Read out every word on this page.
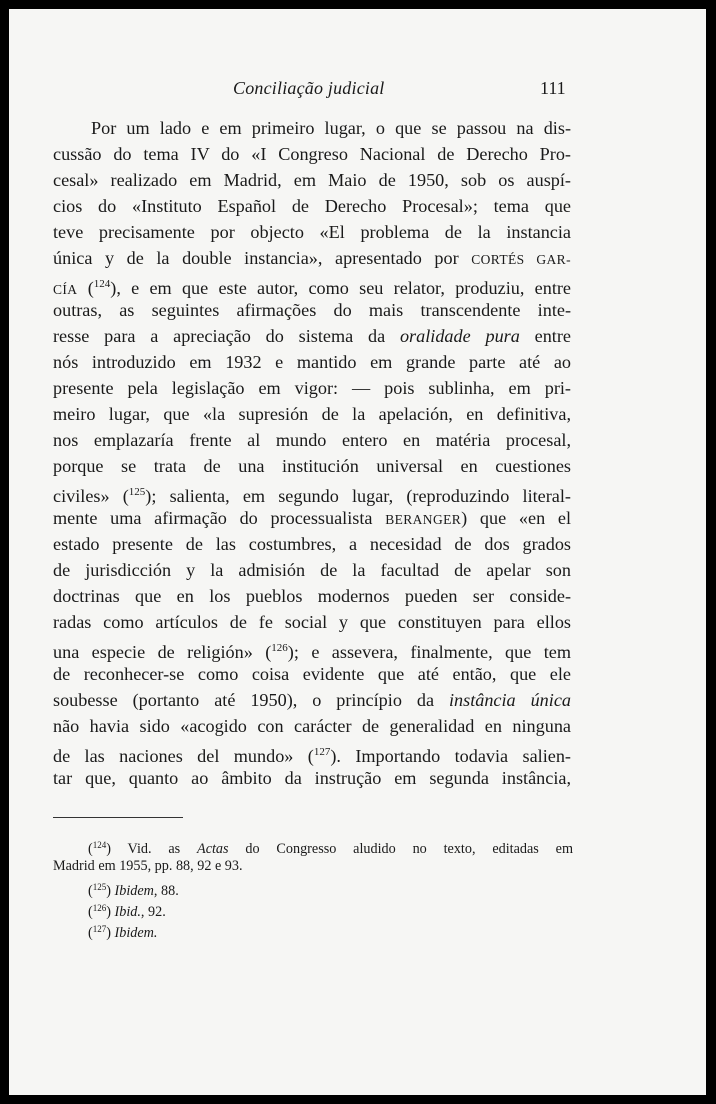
Conciliação judicial	111
Por um lado e em primeiro lugar, o que se passou na dis-
cussão do tema IV do «I Congreso Nacional de Derecho Pro-
cesal» realizado em Madrid, em Maio de 1950, sob os auspí-
cios do «Instituto Español de Derecho Procesal»; tema que
teve precisamente por objecto «El problema de la instancia
única y de la double instancia», apresentado por CORTÉS GAR-
CÍA ($^{124}$), e em que este autor, como seu relator, produziu, entre
outras, as seguintes afirmações do mais transcendente inte-
resse para a apreciação do sistema da oralidade pura entre
nós introduzido em 1932 e mantido em grande parte até ao
presente pela legislação em vigor: — pois sublinha, em pri-
meiro lugar, que «la supresión de la apelación, en definitiva,
nos emplazaría frente al mundo entero en matéria procesal,
porque se trata de una institución universal en cuestiones
civiles» ($^{125}$); salienta, em segundo lugar, (reproduzindo literal-
mente uma afirmação do processualista BERANGER) que «en el
estado presente de las costumbres, a necesidad de dos grados
de jurisdicción y la admisión de la facultad de apelar son
doctrinas que en los pueblos modernos pueden ser conside-
radas como artículos de fe social y que constituyen para ellos
una especie de religión» ($^{126}$); e assevera, finalmente, que tem
de reconhecer-se como coisa evidente que até então, que ele
soubesse (portanto até 1950), o princípio da instância única
não havia sido «acogido con carácter de generalidad en ninguna
de las naciones del mundo» ($^{127}$). Importando todavia salien-
tar que, quanto ao âmbito da instrução em segunda instância,
($^{124}$) Vid. as Actas do Congresso aludido no texto, editadas em
Madrid em 1955, pp. 88, 92 e 93.
($^{125}$) Ibidem, 88.
($^{126}$) Ibid., 92.
($^{127}$) Ibidem.
